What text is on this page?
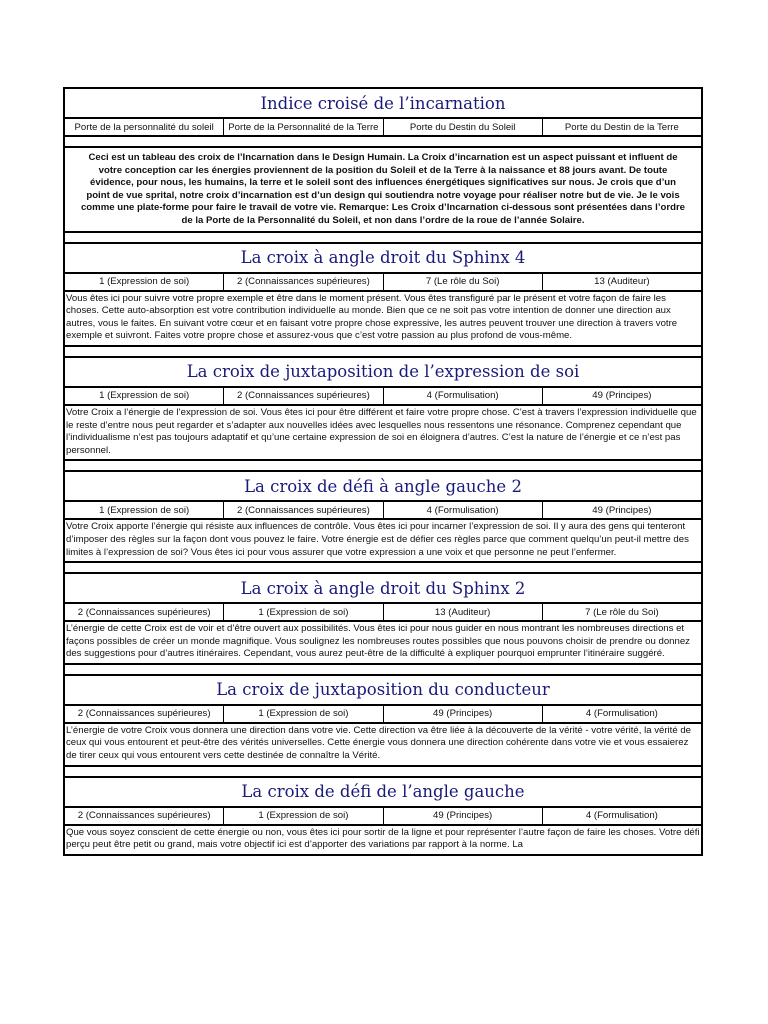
Indice croisé de l’incarnation
Porte de la personnalité du soleil	Porte de la Personnalité de la Terre	Porte du Destin du Soleil	Porte du Destin de la Terre
Ceci est un tableau des croix de l’Incarnation dans le Design Humain. La Croix d’incarnation est un aspect puissant et influent de votre conception car les énergies proviennent de la position du Soleil et de la Terre à la naissance et 88 jours avant. De toute évidence, pour nous, les humains, la terre et le soleil sont des influences énergétiques significatives sur nous. Je crois que d’un point de vue sprital, notre croix d’incarnation est d’un design qui soutiendra notre voyage pour réaliser notre but de vie. Je le vois comme une plate-forme pour faire le travail de votre vie. Remarque: Les Croix d’Incarnation ci-dessous sont présentées dans l’ordre de la Porte de la Personnalité du Soleil, et non dans l’ordre de la roue de l’année Solaire.
La croix à angle droit du Sphinx 4
1 (Expression de soi)	2 (Connaissances supérieures)	7 (Le rôle du Soi)	13 (Auditeur)
Vous êtes ici pour suivre votre propre exemple et être dans le moment présent. Vous êtes transfiguré par le présent et votre façon de faire les choses. Cette auto-absorption est votre contribution individuelle au monde. Bien que ce ne soit pas votre intention de donner une direction aux autres, vous le faites. En suivant votre cœur et en faisant votre propre chose expressive, les autres peuvent trouver une direction à travers votre exemple et suivront. Faites votre propre chose et assurez-vous que c’est votre passion au plus profond de vous-même.
La croix de juxtaposition de l’expression de soi
1 (Expression de soi)	2 (Connaissances supérieures)	4 (Formulisation)	49 (Principes)
Votre Croix a l’énergie de l’expression de soi. Vous êtes ici pour être différent et faire votre propre chose. C’est à travers l’expression individuelle que le reste d’entre nous peut regarder et s’adapter aux nouvelles idées avec lesquelles nous ressentons une résonance. Comprenez cependant que l’individualisme n’est pas toujours adaptatif et qu’une certaine expression de soi en éloignera d’autres. C’est la nature de l’énergie et ce n’est pas personnel.
La croix de défi à angle gauche 2
1 (Expression de soi)	2 (Connaissances supérieures)	4 (Formulisation)	49 (Principes)
Votre Croix apporte l’énergie qui résiste aux influences de contrôle. Vous êtes ici pour incarner l’expression de soi. Il y aura des gens qui tenteront d’imposer des règles sur la façon dont vous pouvez le faire. Votre énergie est de défier ces règles parce que comment quelqu’un peut-il mettre des limites à l’expression de soi? Vous êtes ici pour vous assurer que votre expression a une voix et que personne ne peut l’enfermer.
La croix à angle droit du Sphinx 2
2 (Connaissances supérieures)	1 (Expression de soi)	13 (Auditeur)	7 (Le rôle du Soi)
L’énergie de cette Croix est de voir et d’être ouvert aux possibilités. Vous êtes ici pour nous guider en nous montrant les nombreuses directions et façons possibles de créer un monde magnifique. Vous soulignez les nombreuses routes possibles que nous pouvons choisir de prendre ou donnez des suggestions pour d’autres itinéraires. Cependant, vous aurez peut-être de la difficulté à expliquer pourquoi emprunter l’itinéraire suggéré.
La croix de juxtaposition du conducteur
2 (Connaissances supérieures)	1 (Expression de soi)	49 (Principes)	4 (Formulisation)
L’énergie de votre Croix vous donnera une direction dans votre vie. Cette direction va être liée à la découverte de la vérité - votre vérité, la vérité de ceux qui vous entourent et peut-être des vérités universelles. Cette énergie vous donnera une direction cohérente dans votre vie et vous essaierez de tirer ceux qui vous entourent vers cette destinée de connaître la Vérité.
La croix de défi de l’angle gauche
2 (Connaissances supérieures)	1 (Expression de soi)	49 (Principes)	4 (Formulisation)
Que vous soyez conscient de cette énergie ou non, vous êtes ici pour sortir de la ligne et pour représenter l’autre façon de faire les choses. Votre défi perçu peut être petit ou grand, mais votre objectif ici est d’apporter des variations par rapport à la norme. La
